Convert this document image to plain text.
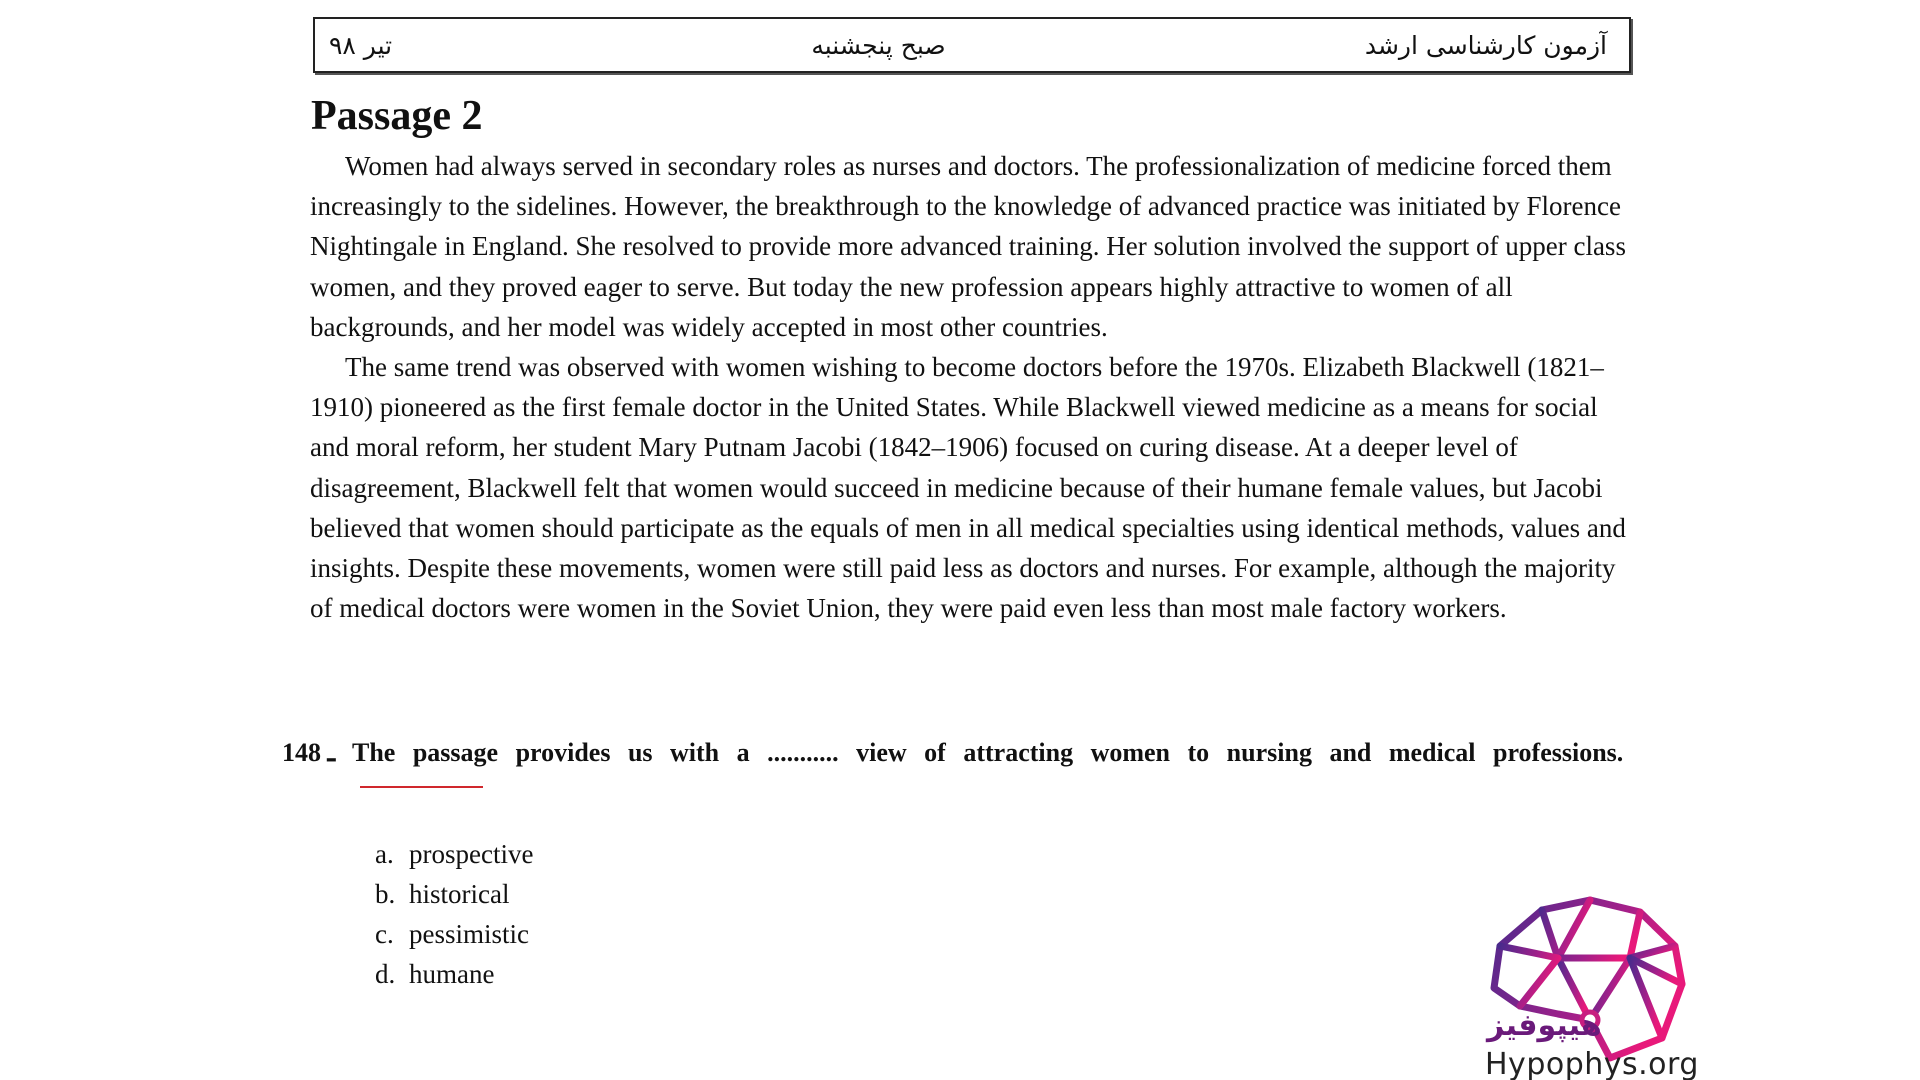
تیر ۹۸	صبح پنجشنبه	آزمون کارشناسی ارشد
Passage 2

Women had always served in secondary roles as nurses and doctors. The professionalization of medicine forced them increasingly to the sidelines. However, the breakthrough to the knowledge of advanced practice was initiated by Florence Nightingale in England. She resolved to provide more advanced training. Her solution involved the support of upper class women, and they proved eager to serve. But today the new profession appears highly attractive to women of all backgrounds, and her model was widely accepted in most other countries.

The same trend was observed with women wishing to become doctors before the 1970s. Elizabeth Blackwell (1821–1910) pioneered as the first female doctor in the United States. While Blackwell viewed medicine as a means for social and moral reform, her student Mary Putnam Jacobi (1842–1906) focused on curing disease. At a deeper level of disagreement, Blackwell felt that women would succeed in medicine because of their humane female values, but Jacobi believed that women should participate as the equals of men in all medical specialties using identical methods, values and insights. Despite these movements, women were still paid less as doctors and nurses. For example, although the majority of medical doctors were women in the Soviet Union, they were paid even less than most male factory workers.

148 ـ The passage provides us with a ........... view of attracting women to nursing and medical professions.
a. prospective
b. historical
c. pessimistic
d. humane
هیپوفیز
Hypophys.org
